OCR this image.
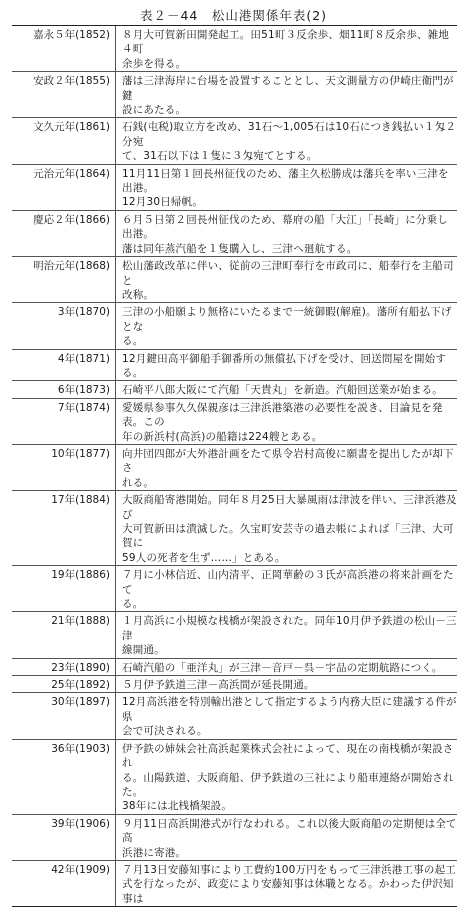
表２－44　松山港関係年表(2)
嘉永５年(1852)	８月大可賀新田開発起工。田51町３反余歩、畑11町８反余歩、雑地４町
余歩を得る。
安政２年(1855)	藩は三津海岸に台場を設置することとし、天文測量方の伊崎庄衛門が鍵
設にあたる。
文久元年(1861)	石銭(屯税)取立方を改め、31石～1,005石は10石につき銭払い１匁２分宛
て、31石以下は１隻に３匁宛てとする。
元治元年(1864)	11月11日第１回長州征伐のため、藩主久松勝成は藩兵を率い三津を出港。
12月30日帰帆。
慶応２年(1866)	６月５日第２回長州征伐のため、幕府の船「大江」「長崎」に分乗し出港。
藩は同年蒸汽船を１隻購入し、三津へ廻航する。
明治元年(1868)	松山藩政改革に伴い、従前の三津町奉行を市政司に、船奉行を主船司と
改称。
3年(1870)	三津の小船願より無格にいたるまで一統御暇(解雇)。藩所有船払下げとな
る。
4年(1871)	12月鍵田高平御船手御番所の無償払下げを受け、回送問屋を開始する。
6年(1873)	石崎平八郎大阪にて汽船「天貴丸」を新造。汽船回送業が始まる。
7年(1874)	愛媛県参事久久保親彦は三津浜港築港の必要性を説き、目論見を発表。この
年の新浜村(高浜)の船籍は224艘とある。
10年(1877)	向井団四郎が大外港計画をたて県令岩村高俊に願書を提出したが却下さ
れる。
17年(1884)	大阪商船寄港開始。同年８月25日大暴風雨は津波を伴い、三津浜港及び
大可賀新田は潰滅した。久宝町安芸寺の過去帳によれば「三津、大可賀に
59人の死者を生ず……」とある。
19年(1886)	７月に小林信近、山内清平、正岡華齢の３氏が高浜港の将来計画をたて
る。
21年(1888)	１月高浜に小規模な桟橋が架設された。同年10月伊予鉄道の松山－三津
線開通。
23年(1890)	石崎汽船の「亜洋丸」が三津－音戸－呉－宇品の定期航路につく。
25年(1892)	５月伊予鉄道三津－高浜間が延長開通。
30年(1897)	12月高浜港を特別輸出港として指定するよう内務大臣に建議する件が県
会で可決される。
36年(1903)	伊予鉄の姉妹会社高浜起業株式会社によって、現在の南桟橋が架設され
る。山陽鉄道、大阪商船、伊予鉄道の三社により船車連絡が開始された。
38年には北桟橋架設。
39年(1906)	９月11日高浜開港式が行なわれる。これ以後大阪商船の定期便は全て高
浜港に寄港。
42年(1909)	７月13日安藤知事により工費約100万円をもって三津浜港工事の起工
式を行なったが、政変により安藤知事は休職となる。かわった伊沢知事は
